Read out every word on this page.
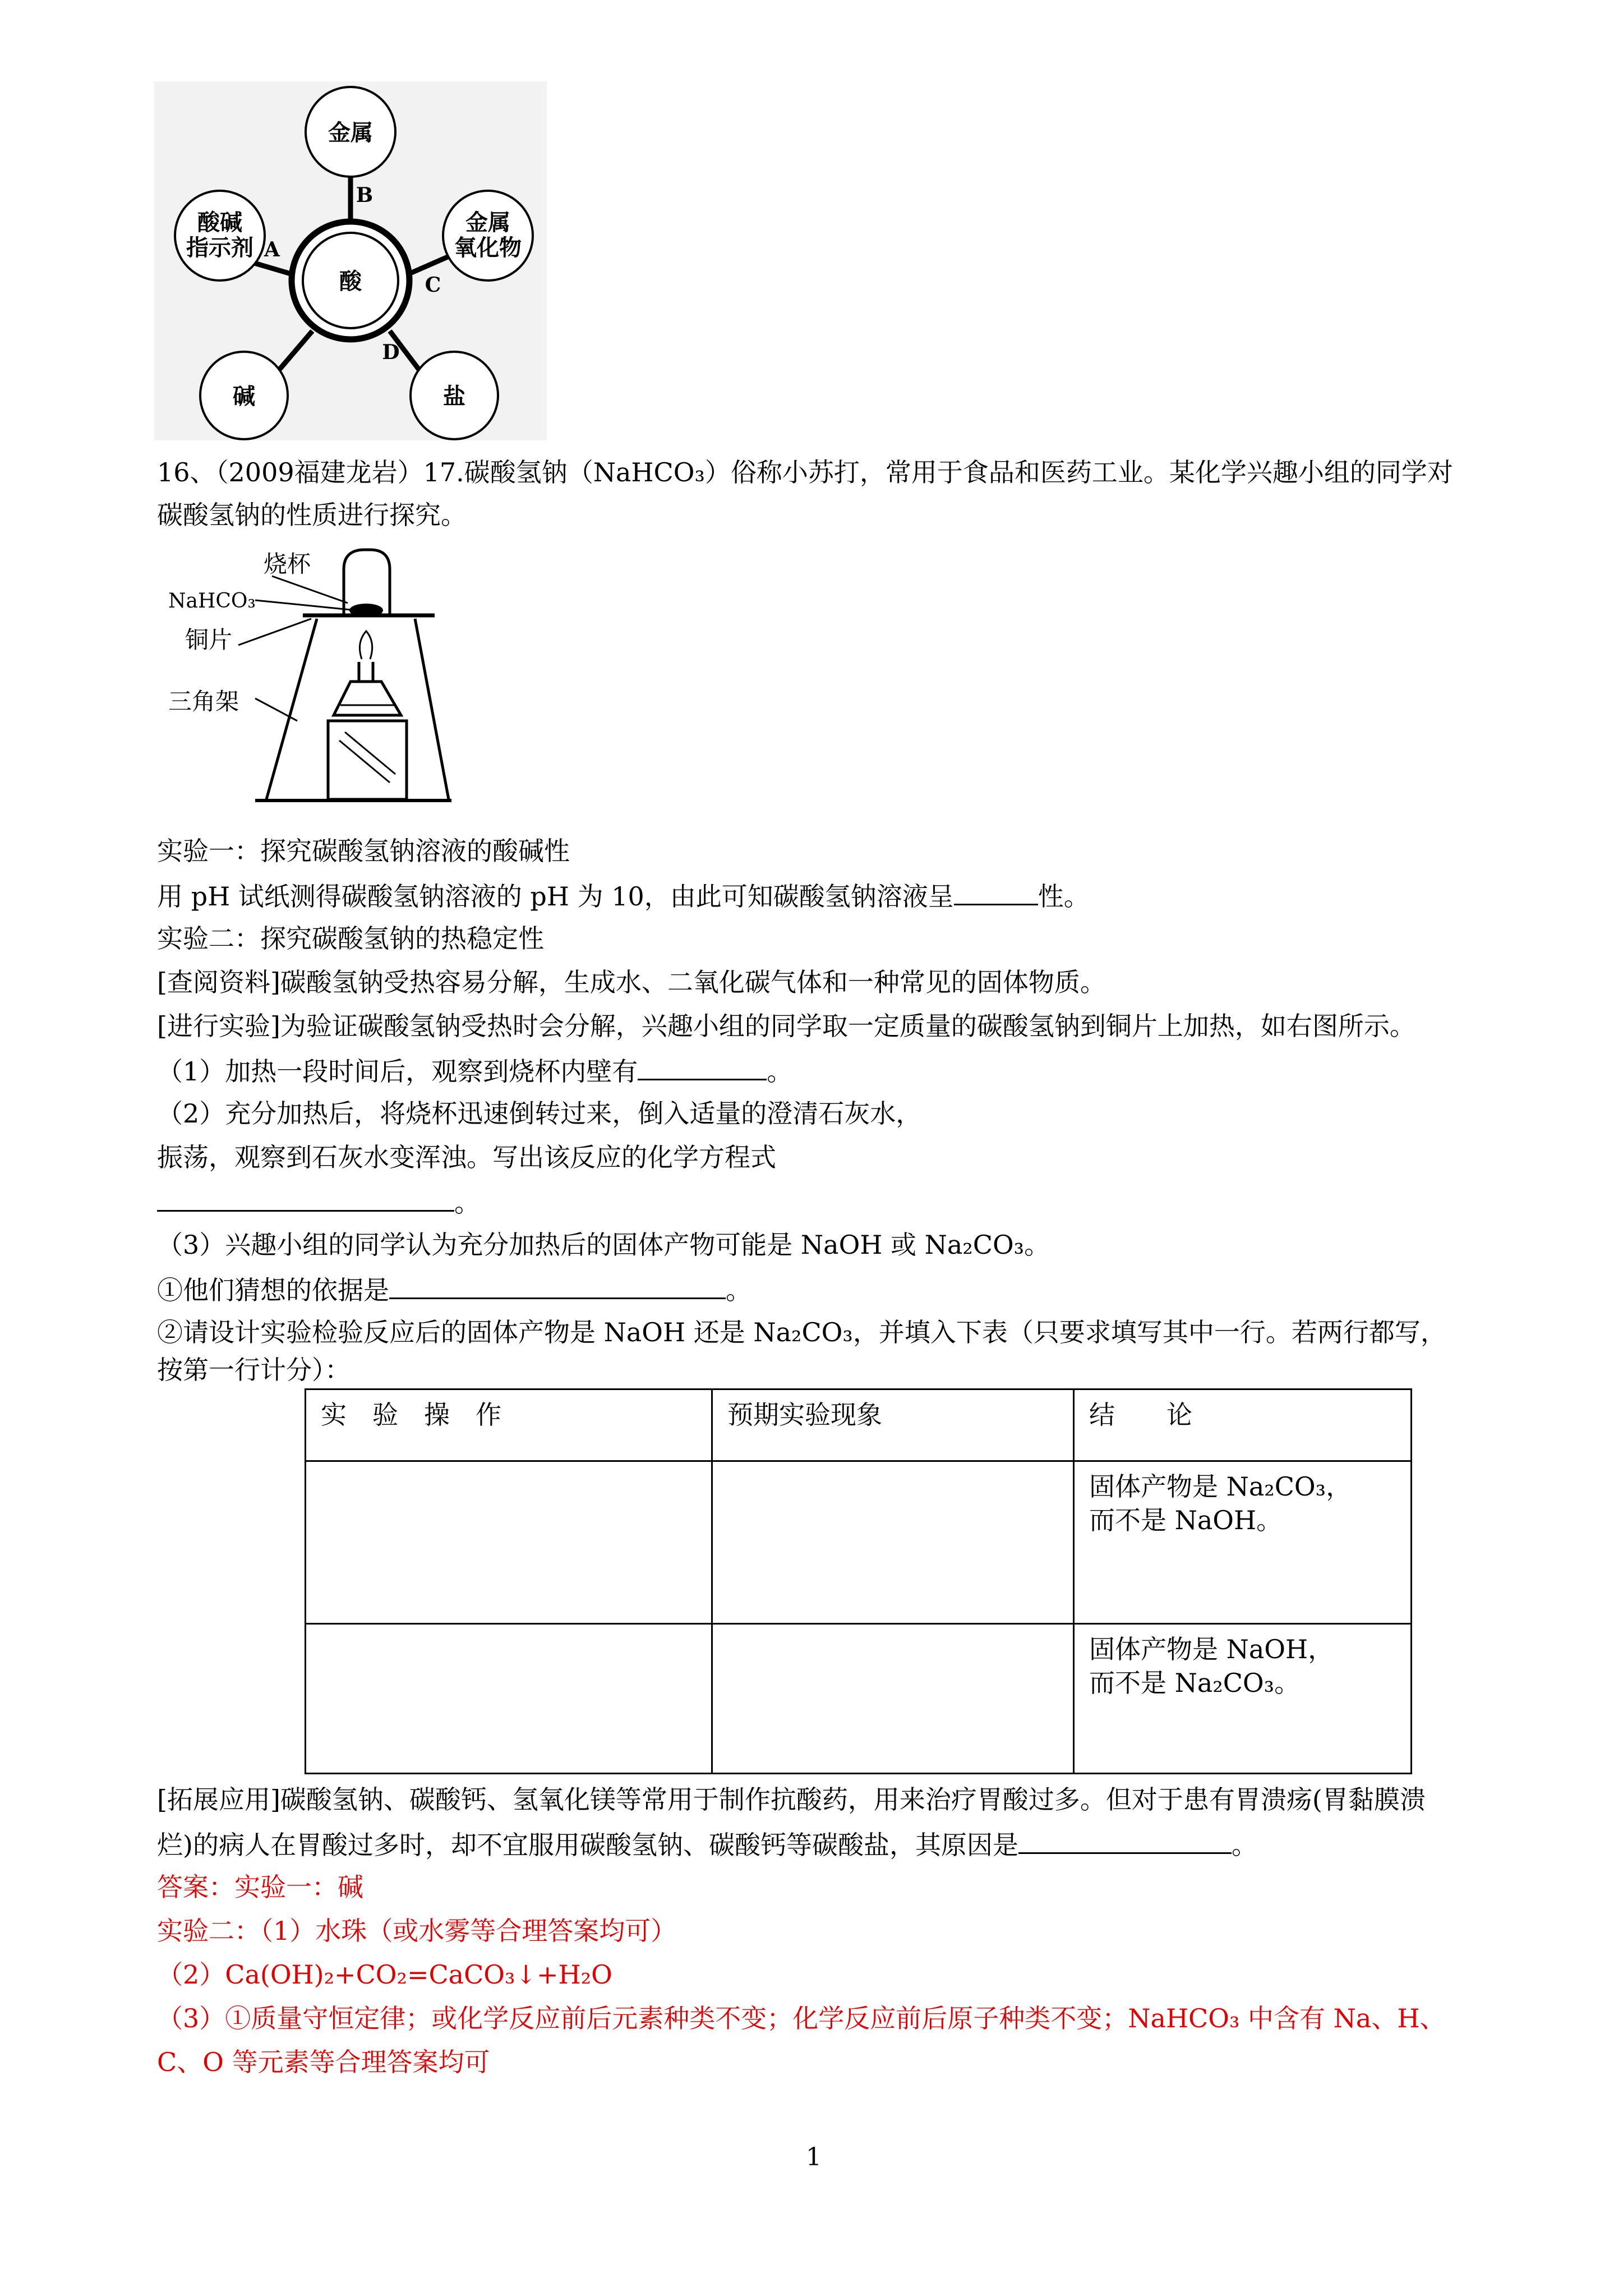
酸
金属
酸碱
指示剂
金属
氧化物
碱	盐
A
B
C
D
16、（2009福建龙岩）17.碳酸氢钠（NaHCO₃）俗称小苏打，常用于食品和医药工业。某化学兴趣小组的同学对
碳酸氢钠的性质进行探究。
烧杯
NaHCO₃
铜片
三角架
实验一：探究碳酸氢钠溶液的酸碱性
用 pH 试纸测得碳酸氢钠溶液的 pH 为 10，由此可知碳酸氢钠溶液呈	性。
实验二：探究碳酸氢钠的热稳定性
[查阅资料]碳酸氢钠受热容易分解，生成水、二氧化碳气体和一种常见的固体物质。
[进行实验]为验证碳酸氢钠受热时会分解，兴趣小组的同学取一定质量的碳酸氢钠到铜片上加热，如右图所示。
（1）加热一段时间后，观察到烧杯内壁有	。
（2）充分加热后，将烧杯迅速倒转过来，倒入适量的澄清石灰水，
振荡，观察到石灰水变浑浊。写出该反应的化学方程式
。
（3）兴趣小组的同学认为充分加热后的固体产物可能是 NaOH 或 Na₂CO₃。
①他们猜想的依据是	。
②请设计实验检验反应后的固体产物是 NaOH 还是 Na₂CO₃，并填入下表（只要求填写其中一行。若两行都写，
按第一行计分）：
实　验　操　作	预期实验现象	结　　论

		固体产物是 Na₂CO₃，
而不是 NaOH。

		固体产物是 NaOH，
而不是 Na₂CO₃。
[拓展应用]碳酸氢钠、碳酸钙、氢氧化镁等常用于制作抗酸药，用来治疗胃酸过多。但对于患有胃溃疡(胃黏膜溃
烂)的病人在胃酸过多时，却不宜服用碳酸氢钠、碳酸钙等碳酸盐，其原因是	。
答案：实验一：碱
实验二：（1）水珠（或水雾等合理答案均可）
（2）Ca(OH)₂+CO₂=CaCO₃↓+H₂O
（3）①质量守恒定律；或化学反应前后元素种类不变；化学反应前后原子种类不变；NaHCO₃ 中含有 Na、H、
C、O 等元素等合理答案均可
1
